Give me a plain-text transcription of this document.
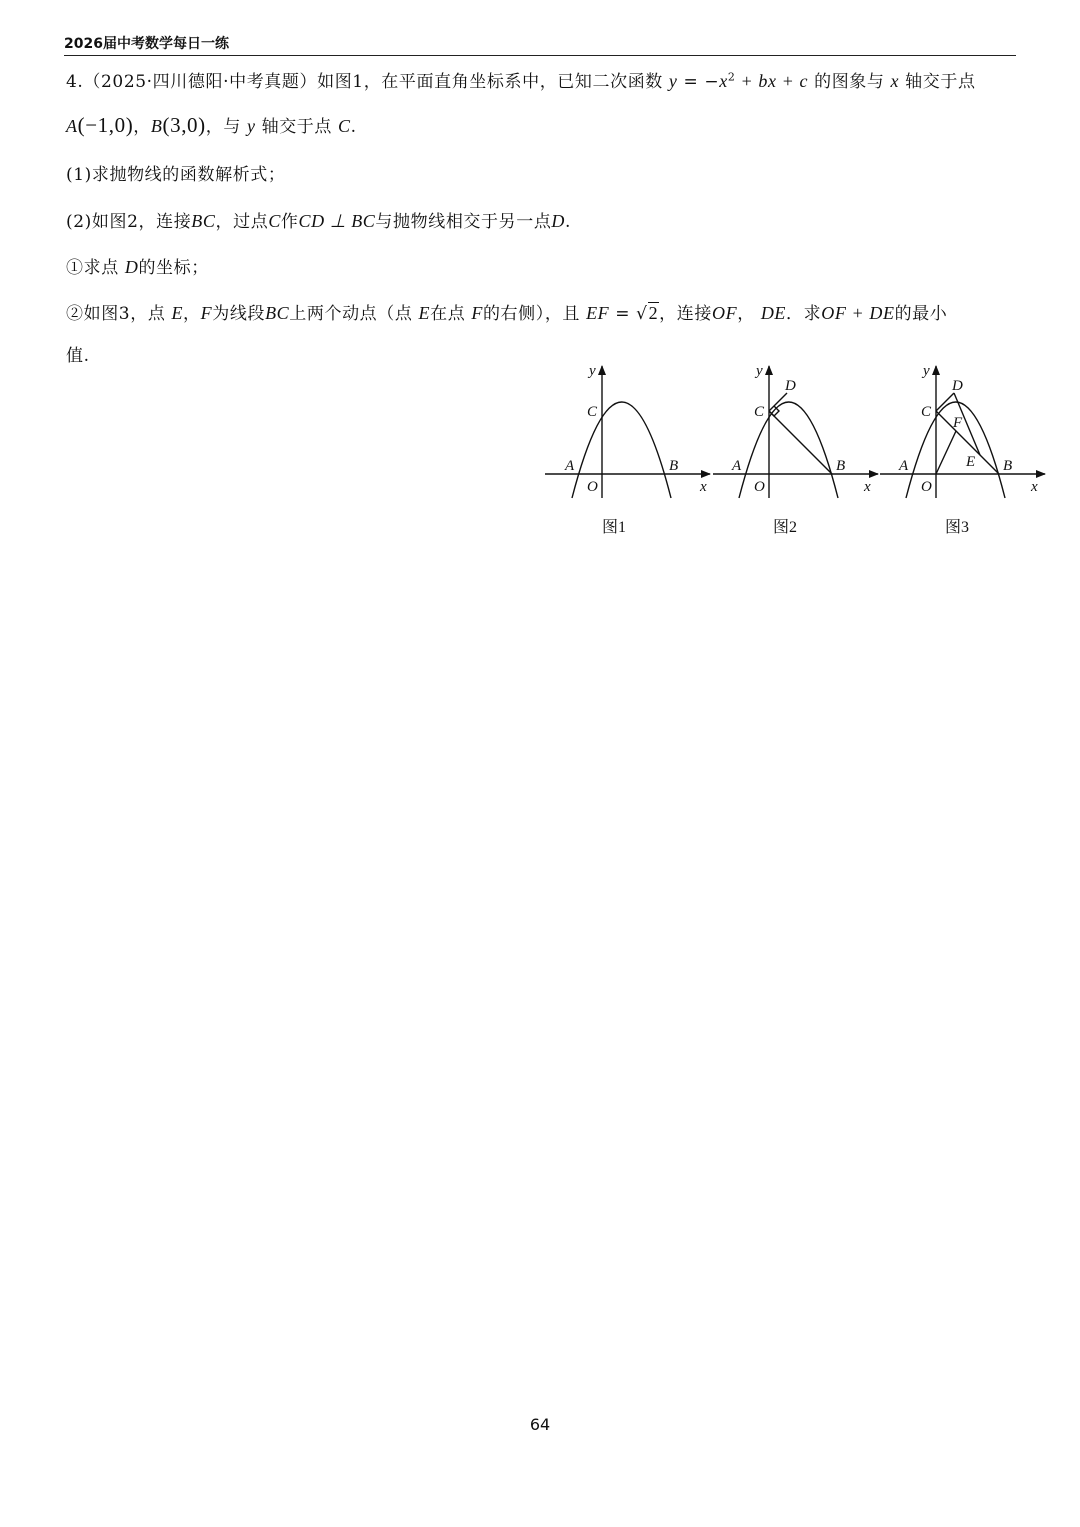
2026届中考数学每日一练
4.（2025·四川德阳·中考真题）如图1，在平面直角坐标系中，已知二次函数 $y = -x^2$ + bx + c 的图象与 x 轴交于点
A(−1,0)，B(3,0)，与 y 轴交于点 C.
(1)求抛物线的函数解析式；
(2)如图2，连接BC，过点C作CD ⊥ BC与抛物线相交于另一点D.
①求点 D的坐标；
②如图3，点 E，F为线段BC上两个动点（点 E在点 F的右侧），且 EF = √2，连接OF， DE．求OF + DE的最小
值.
y
x
O
A	B
C
图1
y
x
O
A	B
C
D
图2
y
x
O
A	B
C
D
E
F
图3
64
